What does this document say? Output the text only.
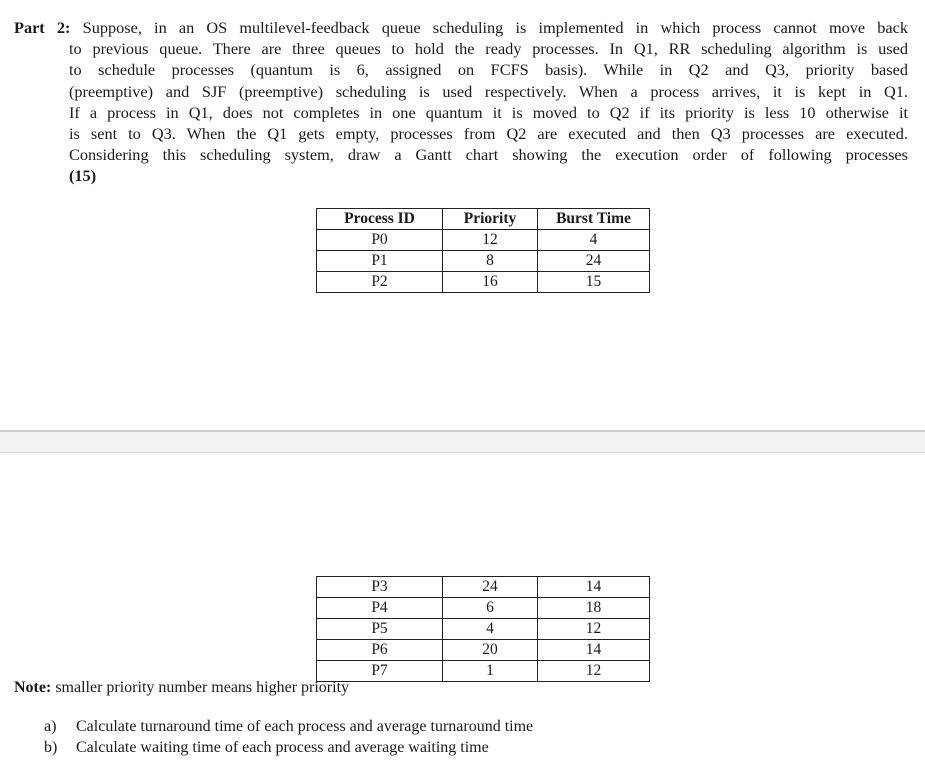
Part 2: Suppose, in an OS multilevel-feedback queue scheduling is implemented in which process cannot move back
to previous queue. There are three queues to hold the ready processes. In Q1, RR scheduling algorithm is used
to schedule processes (quantum is 6, assigned on FCFS basis). While in Q2 and Q3, priority based
(preemptive) and SJF (preemptive) scheduling is used respectively. When a process arrives, it is kept in Q1.
If a process in Q1, does not completes in one quantum it is moved to Q2 if its priority is less 10 otherwise it
is sent to Q3. When the Q1 gets empty, processes from Q2 are executed and then Q3 processes are executed.
Considering this scheduling system, draw a Gantt chart showing the execution order of following processes
(15)
Process ID	Priority	Burst Time
P0	12	4
P1	8	24
P2	16	15
P3	24	14
P4	6	18
P5	4	12
P6	20	14
P7	1	12
Note: smaller priority number means higher priority
a) Calculate turnaround time of each process and average turnaround time
b) Calculate waiting time of each process and average waiting time
